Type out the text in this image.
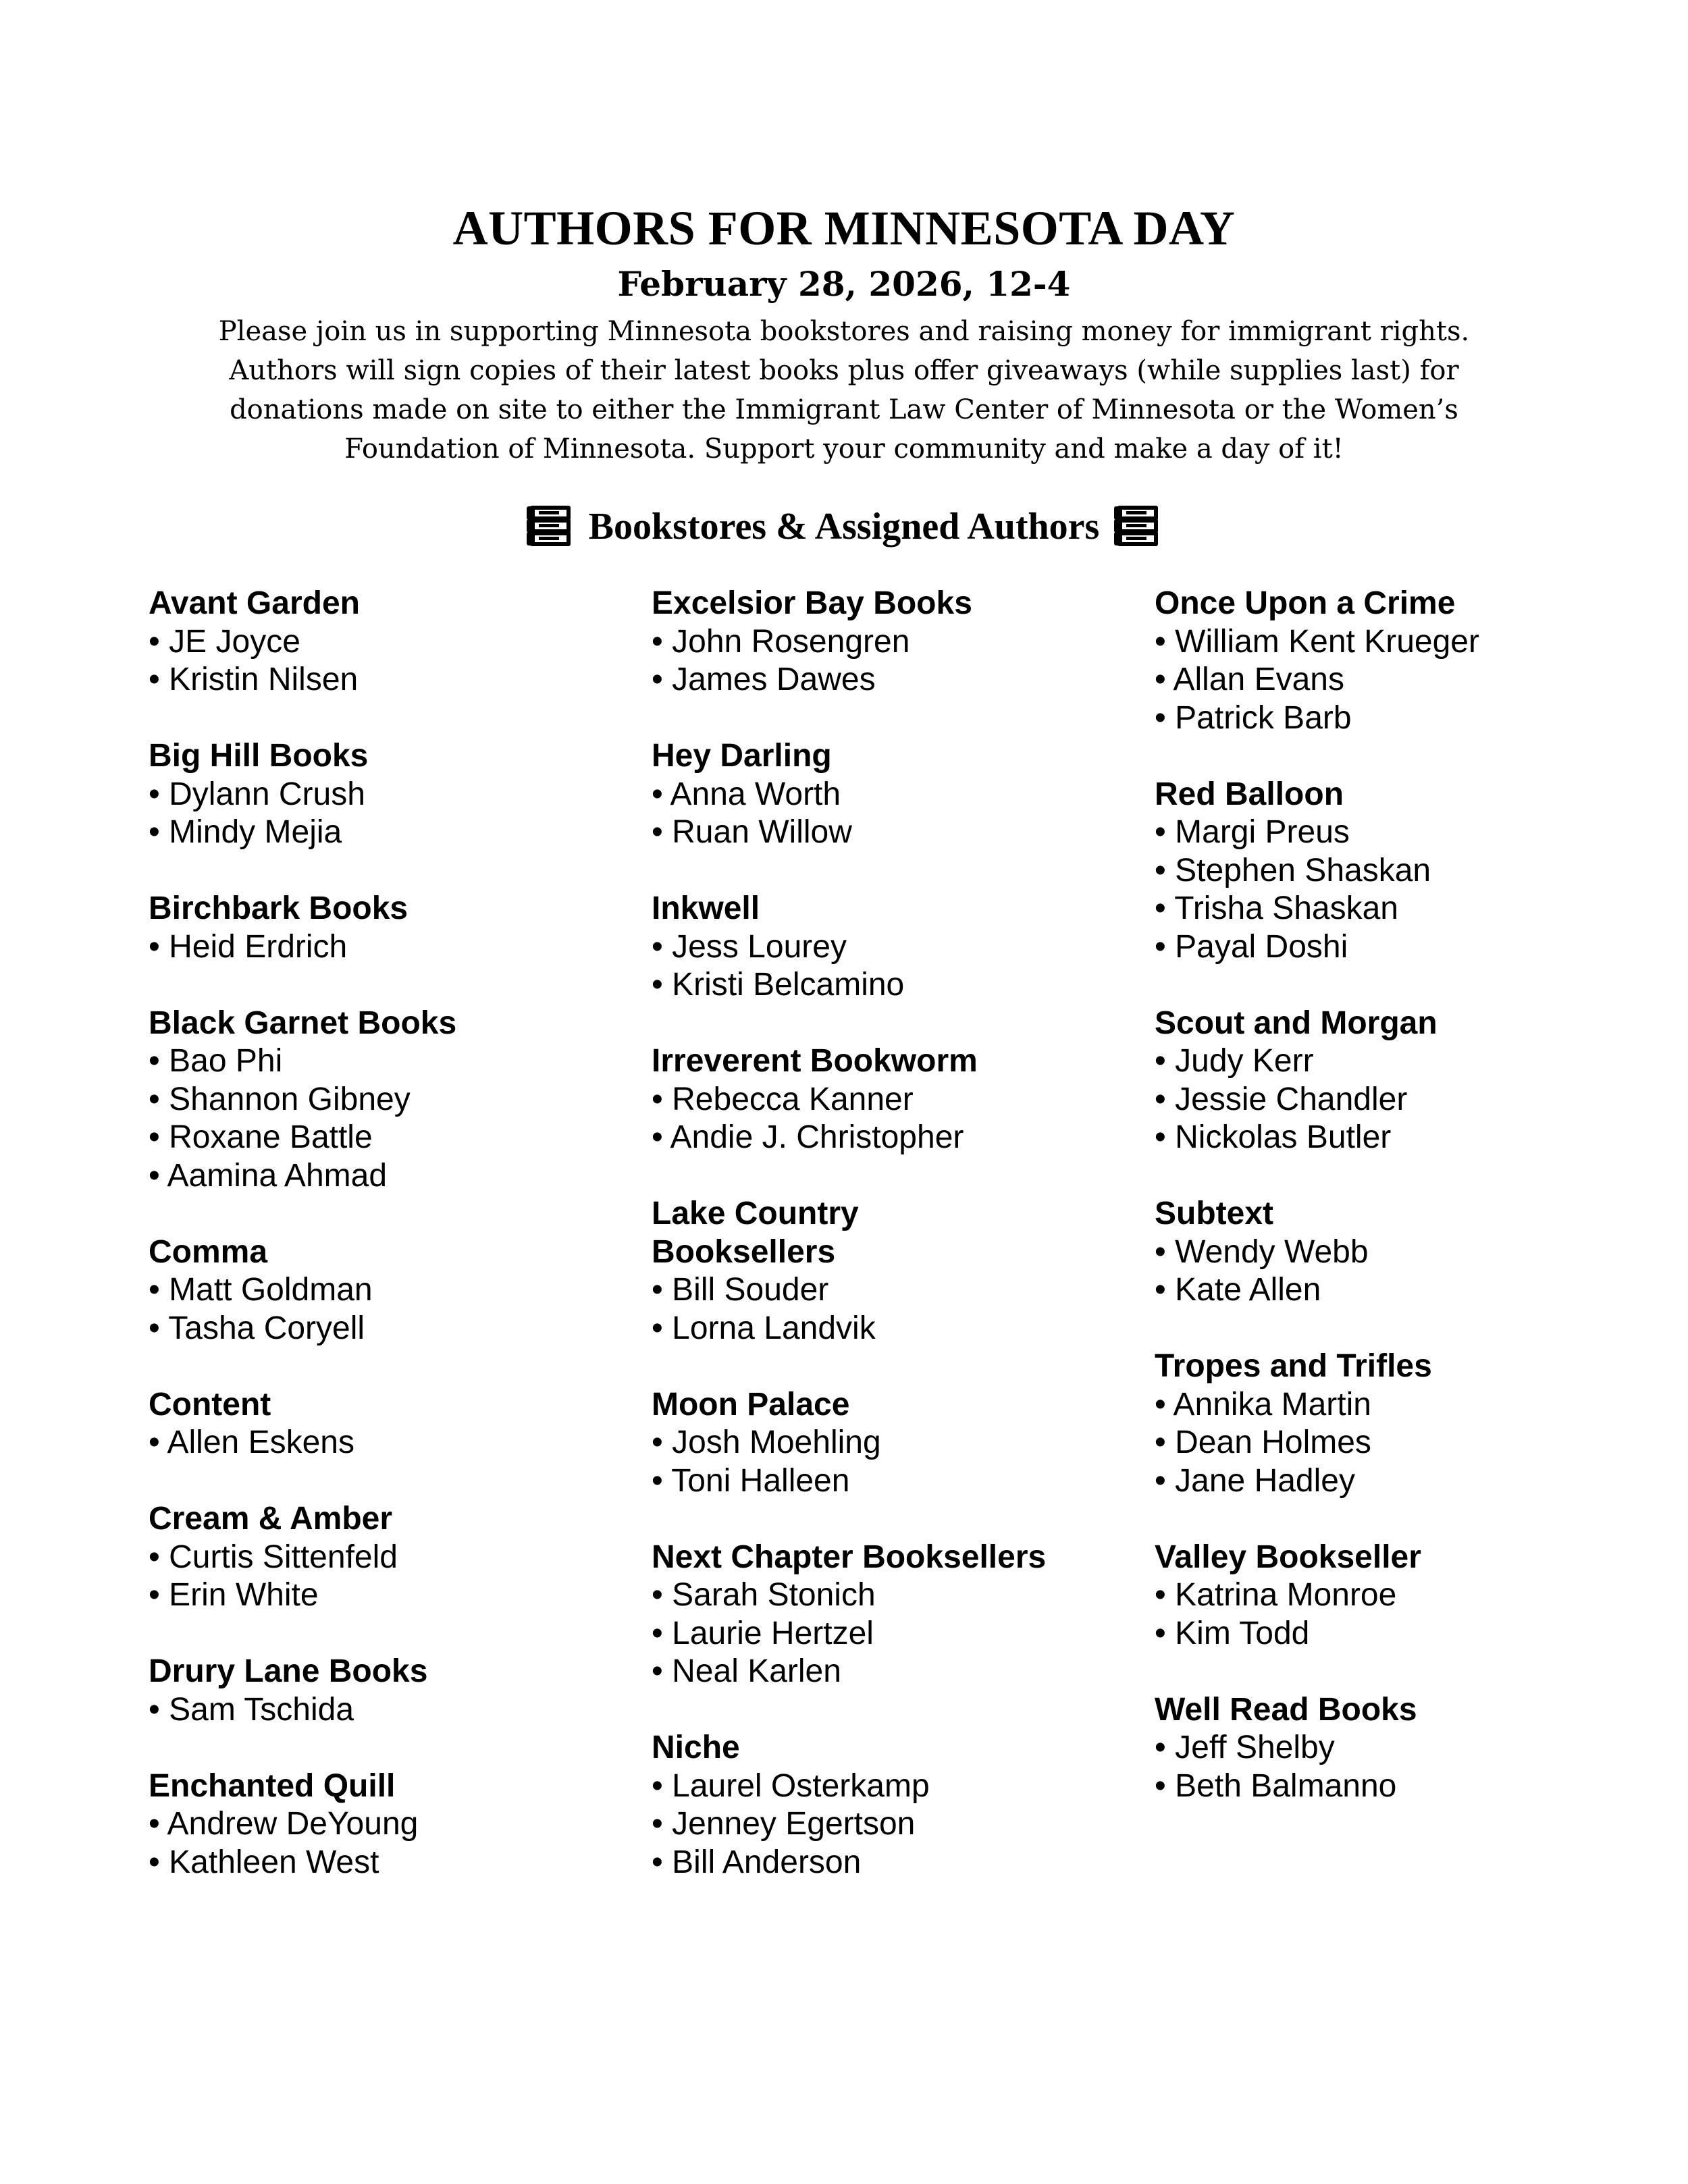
AUTHORS FOR MINNESOTA DAY
February 28, 2026, 12-4
Please join us in supporting Minnesota bookstores and raising money for immigrant rights. Authors will sign copies of their latest books plus offer giveaways (while supplies last) for donations made on site to either the Immigrant Law Center of Minnesota or the Women’s Foundation of Minnesota. Support your community and make a day of it!
Bookstores & Assigned Authors
Avant Garden
• JE Joyce
• Kristin Nilsen
Big Hill Books
• Dylann Crush
• Mindy Mejia
Birchbark Books
• Heid Erdrich
Black Garnet Books
• Bao Phi
• Shannon Gibney
• Roxane Battle
• Aamina Ahmad
Comma
• Matt Goldman
• Tasha Coryell
Content
• Allen Eskens
Cream & Amber
• Curtis Sittenfeld
• Erin White
Drury Lane Books
• Sam Tschida
Enchanted Quill
• Andrew DeYoung
• Kathleen West
Excelsior Bay Books
• John Rosengren
• James Dawes
Hey Darling
• Anna Worth
• Ruan Willow
Inkwell
• Jess Lourey
• Kristi Belcamino
Irreverent Bookworm
• Rebecca Kanner
• Andie J. Christopher
Lake Country
Booksellers
• Bill Souder
• Lorna Landvik
Moon Palace
• Josh Moehling
• Toni Halleen
Next Chapter Booksellers
• Sarah Stonich
• Laurie Hertzel
• Neal Karlen
Niche
• Laurel Osterkamp
• Jenney Egertson
• Bill Anderson
Once Upon a Crime
• William Kent Krueger
• Allan Evans
• Patrick Barb
Red Balloon
• Margi Preus
• Stephen Shaskan
• Trisha Shaskan
• Payal Doshi
Scout and Morgan
• Judy Kerr
• Jessie Chandler
• Nickolas Butler
Subtext
• Wendy Webb
• Kate Allen
Tropes and Trifles
• Annika Martin
• Dean Holmes
• Jane Hadley
Valley Bookseller
• Katrina Monroe
• Kim Todd
Well Read Books
• Jeff Shelby
• Beth Balmanno
